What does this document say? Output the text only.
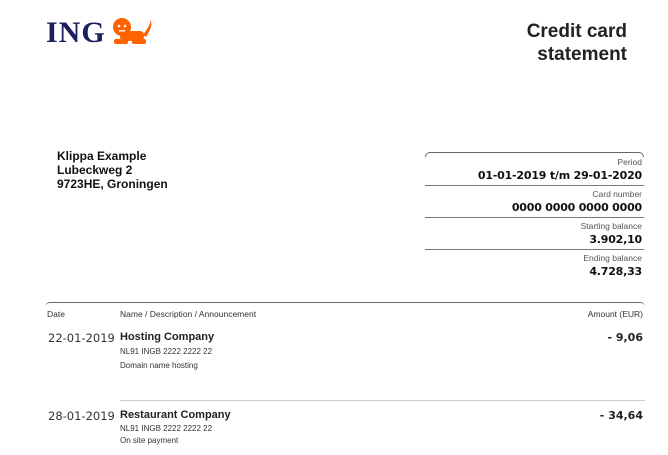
ING	Credit card
statement
Klippa Example
Lubeckweg 2
9723HE, Groningen
Period
01-01-2019 t/m 29-01-2020
Card number
0000 0000 0000 0000
Starting balance
3.902,10
Ending balance
4.728,33
Date	Name / Description / Announcement	Amount (EUR)
22-01-2019 Hosting Company
NL91 INGB 2222 2222 22
Domain name hosting
- 9,06
28-01-2019 Restaurant Company
NL91 INGB 2222 2222 22
On site payment
- 34,64
